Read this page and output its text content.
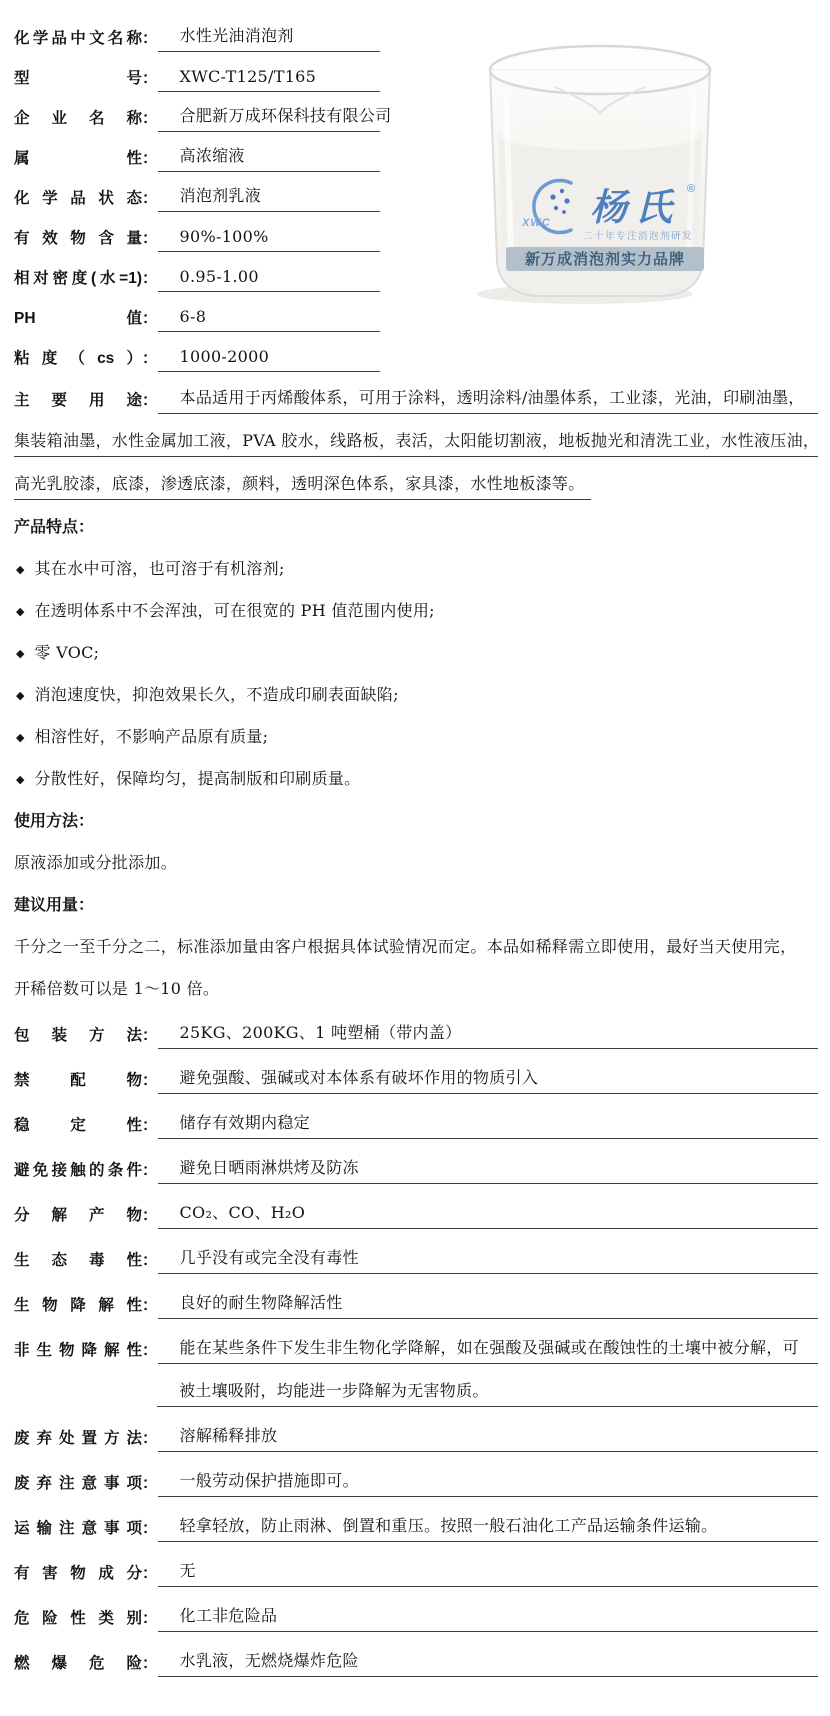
化学品中文名称 ：	水性光油消泡剂
型号 ：	XWC-T125/T165
企业名称 ：	合肥新万成环保科技有限公司
属性 ：	高浓缩液
化学品状态 ：	消泡剂乳液
有效物含量 ：	90%-100%
相对密度(水=1) ：	0.95-1.00
PH值 ：	6-8
粘度（cs） ：	1000-2000
主要用途 ：	本品适用于丙烯酸体系，可用于涂料，透明涂料/油墨体系，工业漆，光油，印刷油墨，
集装箱油墨，水性金属加工液，PVA 胶水，线路板，表活，太阳能切割液，地板抛光和清洗工业，水性液压油，
高光乳胶漆，底漆，渗透底漆，颜料，透明深色体系，家具漆，水性地板漆等。
产品特点：
◆ 其在水中可溶，也可溶于有机溶剂;
◆ 在透明体系中不会浑浊，可在很宽的 PH 值范围内使用;
◆ 零 VOC;
◆ 消泡速度快，抑泡效果长久，不造成印刷表面缺陷;
◆ 相溶性好，不影响产品原有质量;
◆ 分散性好，保障均匀，提高制版和印刷质量。
使用方法：
原液添加或分批添加。
建议用量：
千分之一至千分之二，标准添加量由客户根据具体试验情况而定。本品如稀释需立即使用，最好当天使用完，
开稀倍数可以是 1～10 倍。
包装方法 ：	25KG、200KG、1 吨塑桶（带内盖）
禁配物 ：	避免强酸、强碱或对本体系有破坏作用的物质引入
稳定性 ：	储存有效期内稳定
避免接触的条件 ：	避免日晒雨淋烘烤及防冻
分解产物 ：	CO₂、CO、H₂O
生态毒性 ：	几乎没有或完全没有毒性
生物降解性 ：	良好的耐生物降解活性
非生物降解性 ：	能在某些条件下发生非生物化学降解，如在强酸及强碱或在酸蚀性的土壤中被分解，可
被土壤吸附，均能进一步降解为无害物质。
废弃处置方法 ：	溶解稀释排放
废弃注意事项 ：	一般劳动保护措施即可。
运输注意事项 ：	轻拿轻放，防止雨淋、倒置和重压。按照一般石油化工产品运输条件运输。
有害物成分 ：	无
危险性类别 ：	化工非危险品
燃爆危险 ：	水乳液，无燃烧爆炸危险
XWC 杨氏 ®
二十年专注消泡剂研发
新万成消泡剂实力品牌
